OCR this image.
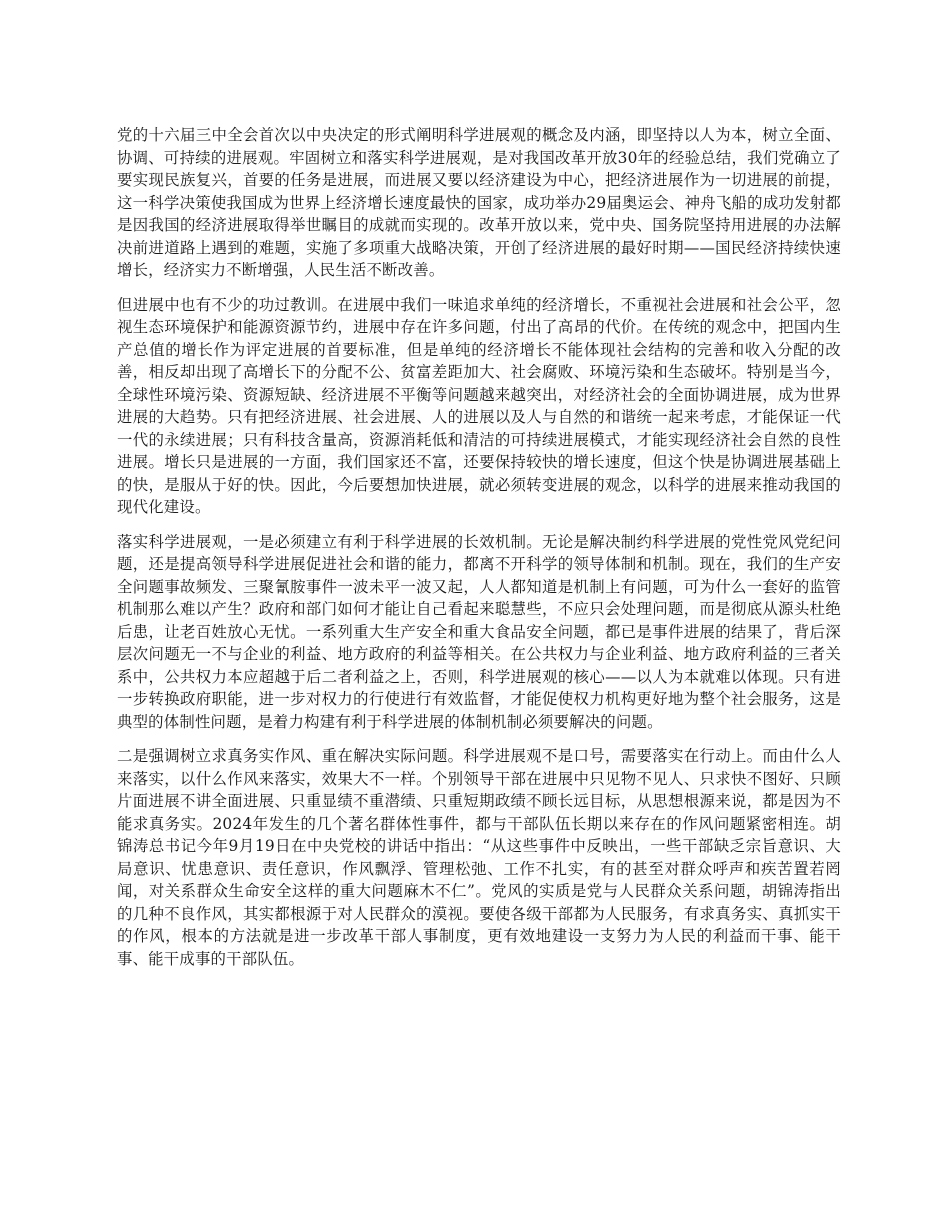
党的十六届三中全会首次以中央决定的形式阐明科学进展观的概念及内涵，即坚持以人为本，树立全面、协调、可持续的进展观。牢固树立和落实科学进展观，是对我国改革开放30年的经验总结，我们党确立了要实现民族复兴，首要的任务是进展，而进展又要以经济建设为中心，把经济进展作为一切进展的前提，这一科学决策使我国成为世界上经济增长速度最快的国家，成功举办29届奥运会、神舟飞船的成功发射都是因我国的经济进展取得举世瞩目的成就而实现的。改革开放以来，党中央、国务院坚持用进展的办法解决前进道路上遇到的难题，实施了多项重大战略决策，开创了经济进展的最好时期——国民经济持续快速增长，经济实力不断增强，人民生活不断改善。

但进展中也有不少的功过教训。在进展中我们一味追求单纯的经济增长，不重视社会进展和社会公平，忽视生态环境保护和能源资源节约，进展中存在许多问题，付出了高昂的代价。在传统的观念中，把国内生产总值的增长作为评定进展的首要标准，但是单纯的经济增长不能体现社会结构的完善和收入分配的改善，相反却出现了高增长下的分配不公、贫富差距加大、社会腐败、环境污染和生态破坏。特别是当今，全球性环境污染、资源短缺、经济进展不平衡等问题越来越突出，对经济社会的全面协调进展，成为世界进展的大趋势。只有把经济进展、社会进展、人的进展以及人与自然的和谐统一起来考虑，才能保证一代一代的永续进展；只有科技含量高，资源消耗低和清洁的可持续进展模式，才能实现经济社会自然的良性进展。增长只是进展的一方面，我们国家还不富，还要保持较快的增长速度，但这个快是协调进展基础上的快，是服从于好的快。因此，今后要想加快进展，就必须转变进展的观念，以科学的进展来推动我国的现代化建设。

落实科学进展观，一是必须建立有利于科学进展的长效机制。无论是解决制约科学进展的党性党风党纪问题，还是提高领导科学进展促进社会和谐的能力，都离不开科学的领导体制和机制。现在，我们的生产安全问题事故频发、三聚氰胺事件一波未平一波又起，人人都知道是机制上有问题，可为什么一套好的监管机制那么难以产生？政府和部门如何才能让自己看起来聪慧些，不应只会处理问题，而是彻底从源头杜绝后患，让老百姓放心无忧。一系列重大生产安全和重大食品安全问题，都已是事件进展的结果了，背后深层次问题无一不与企业的利益、地方政府的利益等相关。在公共权力与企业利益、地方政府利益的三者关系中，公共权力本应超越于后二者利益之上，否则，科学进展观的核心——以人为本就难以体现。只有进一步转换政府职能，进一步对权力的行使进行有效监督，才能促使权力机构更好地为整个社会服务，这是典型的体制性问题，是着力构建有利于科学进展的体制机制必须要解决的问题。

二是强调树立求真务实作风、重在解决实际问题。科学进展观不是口号，需要落实在行动上。而由什么人来落实，以什么作风来落实，效果大不一样。个别领导干部在进展中只见物不见人、只求快不图好、只顾片面进展不讲全面进展、只重显绩不重潜绩、只重短期政绩不顾长远目标，从思想根源来说，都是因为不能求真务实。2024年发生的几个著名群体性事件，都与干部队伍长期以来存在的作风问题紧密相连。胡锦涛总书记今年9月19日在中央党校的讲话中指出：“从这些事件中反映出，一些干部缺乏宗旨意识、大局意识、忧患意识、责任意识，作风飘浮、管理松弛、工作不扎实，有的甚至对群众呼声和疾苦置若罔闻，对关系群众生命安全这样的重大问题麻木不仁”。党风的实质是党与人民群众关系问题，胡锦涛指出的几种不良作风，其实都根源于对人民群众的漠视。要使各级干部都为人民服务，有求真务实、真抓实干的作风，根本的方法就是进一步改革干部人事制度，更有效地建设一支努力为人民的利益而干事、能干事、能干成事的干部队伍。
